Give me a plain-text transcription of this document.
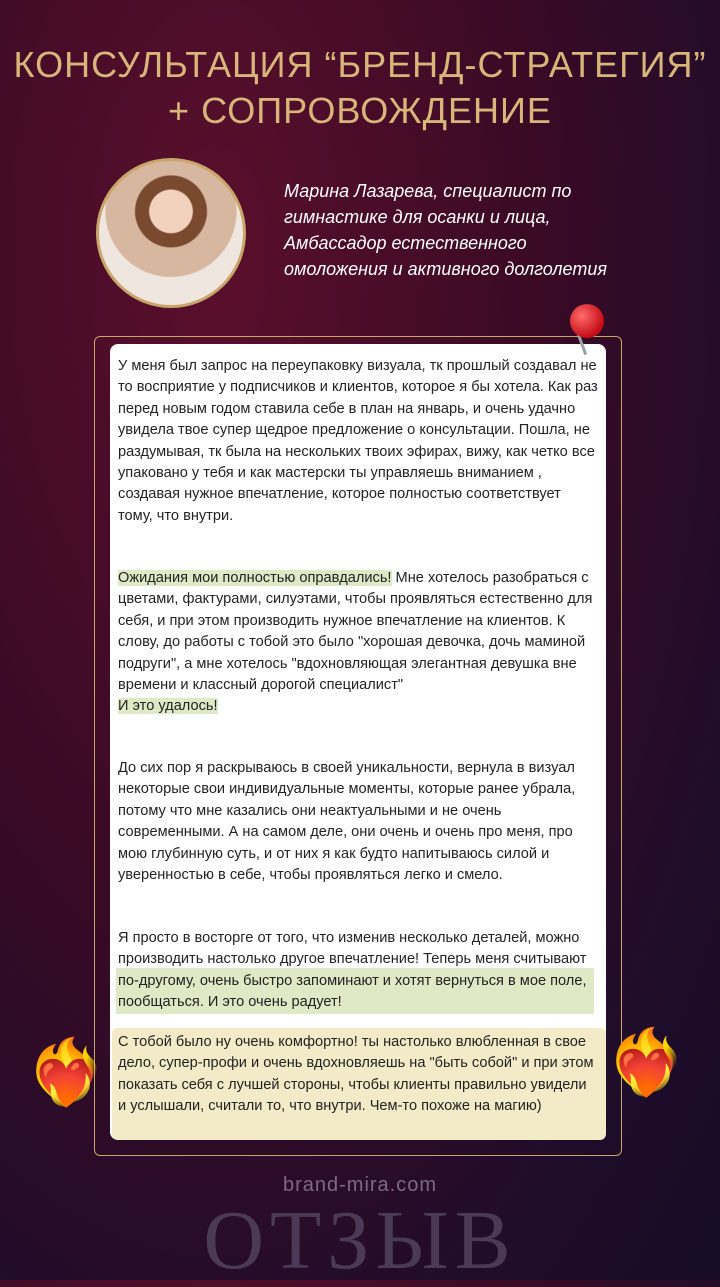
КОНСУЛЬТАЦИЯ “БРЕНД-СТРАТЕГИЯ”
+ СОПРОВОЖДЕНИЕ
Марина Лазарева, специалист по
гимнастике для осанки и лица,
Амбассадор естественного
омоложения и активного долголетия
У меня был запрос на переупаковку визуала, тк прошлый создавал не то восприятие у подписчиков и клиентов, которое я бы хотела. Как раз перед новым годом ставила себе в план на январь, и очень удачно увидела твое супер щедрое предложение о консультации. Пошла, не раздумывая, тк была на нескольких твоих эфирах, вижу, как четко все упаковано у тебя и как мастерски ты управляешь вниманием , создавая нужное впечатление, которое полностью соответствует тому, что внутри.
Ожидания мои полностью оправдались! Мне хотелось разобраться с цветами, фактурами, силуэтами, чтобы проявляться естественно для себя, и при этом производить нужное впечатление на клиентов. К слову, до работы с тобой это было "хорошая девочка, дочь маминой подруги", а мне хотелось "вдохновляющая элегантная девушка вне времени и классный дорогой специалист"
И это удалось!
До сих пор я раскрываюсь в своей уникальности, вернула в визуал некоторые свои индивидуальные моменты, которые ранее убрала, потому что мне казались они неактуальными и не очень современными. А на самом деле, они очень и очень про меня, про мою глубинную суть, и от них я как будто напитываюсь силой и уверенностью в себе, чтобы проявляться легко и смело.
Я просто в восторге от того, что изменив несколько деталей, можно производить настолько другое впечатление! Теперь меня считывают по-другому, очень быстро запоминают и хотят вернуться в мое поле, пообщаться. И это очень радует!
С тобой было ну очень комфортно! ты настолько влюбленная в свое дело, супер-профи и очень вдохновляешь на "быть собой" и при этом показать себя с лучшей стороны, чтобы клиенты правильно увидели и услышали, считали то, что внутри. Чем-то похоже на магию)
❤️‍🔥	❤️‍🔥
brand-mira.com
ОТЗЫВ
